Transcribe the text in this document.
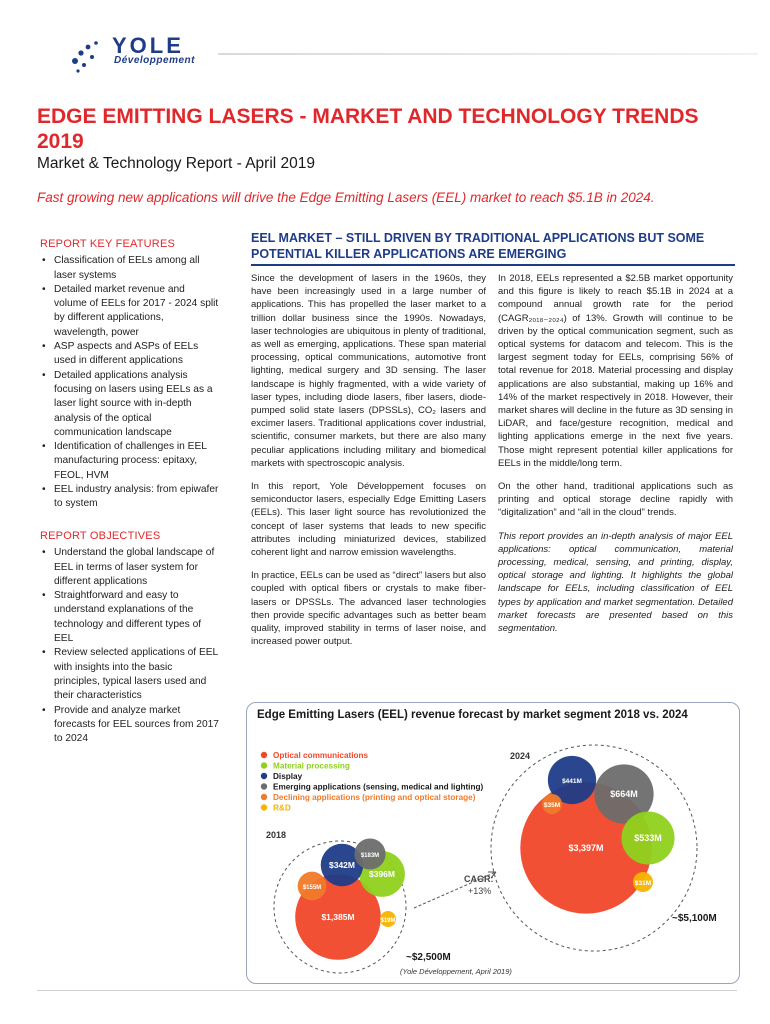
YOLE
Développement
EDGE EMITTING LASERS - MARKET AND TECHNOLOGY TRENDS 2019
Market & Technology Report - April 2019
Fast growing new applications will drive the Edge Emitting Lasers (EEL) market to reach $5.1B in 2024.
REPORT KEY FEATURES
• Classification of EELs among all laser systems
• Detailed market revenue and volume of EELs for 2017 - 2024 split by different applications, wavelength, power
• ASP aspects and ASPs of EELs used in different applications
• Detailed applications analysis focusing on lasers using EELs as a laser light source with in-depth analysis of the optical communication landscape
• Identification of challenges in EEL manufacturing process: epitaxy, FEOL, HVM
• EEL industry analysis: from epiwafer to system
REPORT OBJECTIVES
• Understand the global landscape of EEL in terms of laser system for different applications
• Straightforward and easy to understand explanations of the technology and different types of EEL
• Review selected applications of EEL with insights into the basic principles, typical lasers used and their characteristics
• Provide and analyze market forecasts for EEL sources from 2017 to 2024
EEL MARKET – STILL DRIVEN BY TRADITIONAL APPLICATIONS BUT SOME POTENTIAL KILLER APPLICATIONS ARE EMERGING

Since the development of lasers in the 1960s, they have been increasingly used in a large number of applications. This has propelled the laser market to a trillion dollar business since the 1990s. Nowadays, laser technologies are ubiquitous in plenty of traditional, as well as emerging, applications. These span material processing, optical communications, automotive front lighting, medical surgery and 3D sensing. The laser landscape is highly fragmented, with a wide variety of laser types, including diode lasers, fiber lasers, diode-pumped solid state lasers (DPSSLs), CO₂ lasers and excimer lasers. Traditional applications cover industrial, scientific, consumer markets, but there are also many peculiar applications including military and biomedical markets with spectroscopic analysis.

In this report, Yole Développement focuses on semiconductor lasers, especially Edge Emitting Lasers (EELs). This laser light source has revolutionized the concept of laser systems that leads to new specific attributes including miniaturized devices, stabilized coherent light and narrow emission wavelengths.

In practice, EELs can be used as “direct” lasers but also coupled with optical fibers or crystals to make fiber-lasers or DPSSLs. The advanced laser technologies then provide specific advantages such as better beam quality, improved stability in terms of laser noise, and increased power output.

In 2018, EELs represented a $2.5B market opportunity and this figure is likely to reach $5.1B in 2024 at a compound annual growth rate for the period (CAGR₂₀₁₈₋₂₀₂₄) of 13%. Growth will continue to be driven by the optical communication segment, such as optical systems for datacom and telecom. This is the largest segment today for EELs, comprising 56% of total revenue for 2018. Material processing and display applications are also substantial, making up 16% and 14% of the market respectively in 2018. However, their market shares will decline in the future as 3D sensing in LiDAR, and face/gesture recognition, medical and lighting applications emerge in the next five years. Those might represent potential killer applications for EELs in the middle/long term.

On the other hand, traditional applications such as printing and optical storage decline rapidly with “digitalization” and “all in the cloud” trends.

This report provides an in-depth analysis of major EEL applications: optical communication, material processing, medical, sensing, and printing, display, optical storage and lighting. It highlights the global landscape for EELs, including classification of EEL types by application and market segmentation. Detailed market forecasts are presented based on this segmentation.

Optical communications
Material processing
Display
Emerging applications (sensing, medical and lighting)
Declining applications (printing and optical storage)
R&D
2018
2024
$1,385M
$396M
$342M
$183M
$155M
$19M
$3,397M
$664M
$533M
$441M
$35M
$31M
~$2,500M
~$5,100M
CAGR:
+13%
(Yole Développement, April 2019)
Edge Emitting Lasers (EEL) revenue forecast by market segment 2018 vs. 2024
